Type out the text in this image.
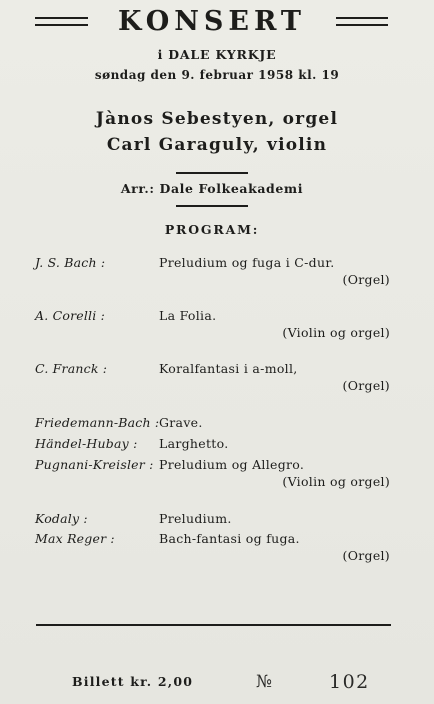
KONSERT
i DALE KYRKJE
søndag den 9. februar 1958 kl. 19
Jànos Sebestyen, orgel
Carl Garaguly, violin
Arr.: Dale Folkeakademi
PROGRAM:
J. S. Bach :	Preludium og fuga i C-dur.
(Orgel)
A. Corelli :	La Folia.
(Violin og orgel)
C. Franck :	Koralfantasi i a-moll,
(Orgel)
Friedemann-Bach : Grave.
Händel-Hubay : Larghetto.
Pugnani-Kreisler : Preludium og Allegro.
(Violin og orgel)
Kodaly :	Preludium.
Max Reger :	Bach-fantasi og fuga.
(Orgel)
Billett kr. 2,00	№	102
